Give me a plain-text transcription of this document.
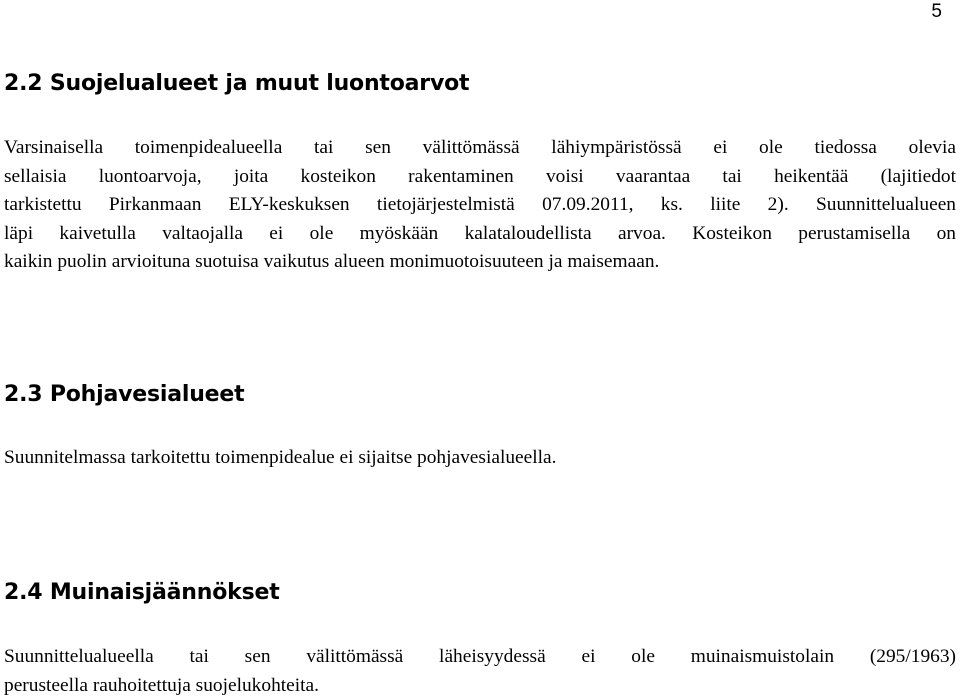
5
2.2 Suojelualueet ja muut luontoarvot
Varsinaisella toimenpidealueella tai sen välittömässä lähiympäristössä ei ole tiedossa olevia
sellaisia luontoarvoja, joita kosteikon rakentaminen voisi vaarantaa tai heikentää (lajitiedot
tarkistettu Pirkanmaan ELY-keskuksen tietojärjestelmistä 07.09.2011, ks. liite 2). Suunnittelualueen
läpi kaivetulla valtaojalla ei ole myöskään kalataloudellista arvoa. Kosteikon perustamisella on
kaikin puolin arvioituna suotuisa vaikutus alueen monimuotoisuuteen ja maisemaan.
2.3 Pohjavesialueet
Suunnitelmassa tarkoitettu toimenpidealue ei sijaitse pohjavesialueella.
2.4 Muinaisjäännökset
Suunnittelualueella tai sen välittömässä läheisyydessä ei ole muinaismuistolain (295/1963)
perusteella rauhoitettuja suojelukohteita.
